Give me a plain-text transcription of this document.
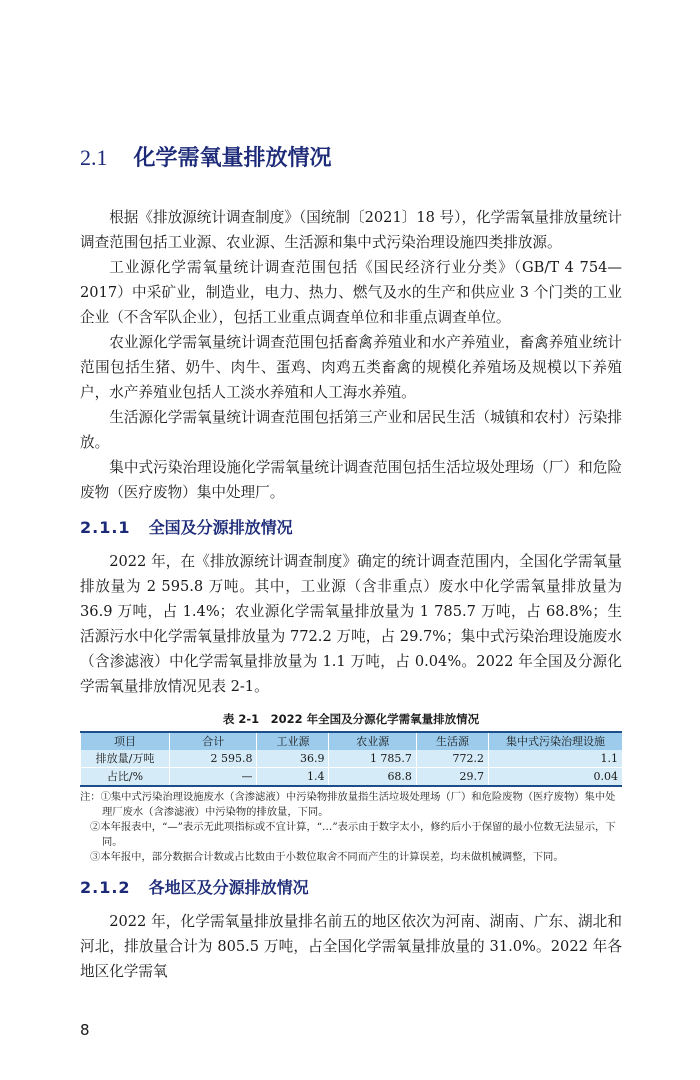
2.1 化学需氧量排放情况

根据《排放源统计调查制度》（国统制〔2021〕18 号），化学需氧量排放量统计调查范围包括工业源、农业源、生活源和集中式污染治理设施四类排放源。

工业源化学需氧量统计调查范围包括《国民经济行业分类》（GB/T 4 754—2017）中采矿业，制造业，电力、热力、燃气及水的生产和供应业 3 个门类的工业企业（不含军队企业），包括工业重点调查单位和非重点调查单位。

农业源化学需氧量统计调查范围包括畜禽养殖业和水产养殖业，畜禽养殖业统计范围包括生猪、奶牛、肉牛、蛋鸡、肉鸡五类畜禽的规模化养殖场及规模以下养殖户，水产养殖业包括人工淡水养殖和人工海水养殖。

生活源化学需氧量统计调查范围包括第三产业和居民生活（城镇和农村）污染排放。

集中式污染治理设施化学需氧量统计调查范围包括生活垃圾处理场（厂）和危险废物（医疗废物）集中处理厂。

2.1.1 全国及分源排放情况

2022 年，在《排放源统计调查制度》确定的统计调查范围内，全国化学需氧量排放量为 2 595.8 万吨。其中，工业源（含非重点）废水中化学需氧量排放量为 36.9 万吨，占 1.4%；农业源化学需氧量排放量为 1 785.7 万吨，占 68.8%；生活源污水中化学需氧量排放量为 772.2 万吨，占 29.7%；集中式污染治理设施废水（含渗滤液）中化学需氧量排放量为 1.1 万吨，占 0.04%。2022 年全国及分源化学需氧量排放情况见表 2-1。

表 2-1　2022 年全国及分源化学需氧量排放情况
项目	合计	工业源	农业源	生活源	集中式污染治理设施
排放量/万吨	2 595.8	36.9	1 785.7	772.2	1.1
占比/%	—	1.4	68.8	29.7	0.04
注：①集中式污染治理设施废水（含渗滤液）中污染物排放量指生活垃圾处理场（厂）和危险废物（医疗废物）集中处理厂废水（含渗滤液）中污染物的排放量，下同。
②本年报表中，“—”表示无此项指标或不宜计算，“…”表示由于数字太小，修约后小于保留的最小位数无法显示，下同。
③本年报中，部分数据合计数或占比数由于小数位取舍不同而产生的计算误差，均未做机械调整，下同。
2.1.2 各地区及分源排放情况

2022 年，化学需氧量排放量排名前五的地区依次为河南、湖南、广东、湖北和河北，排放量合计为 805.5 万吨，占全国化学需氧量排放量的 31.0%。2022 年各地区化学需氧

8
